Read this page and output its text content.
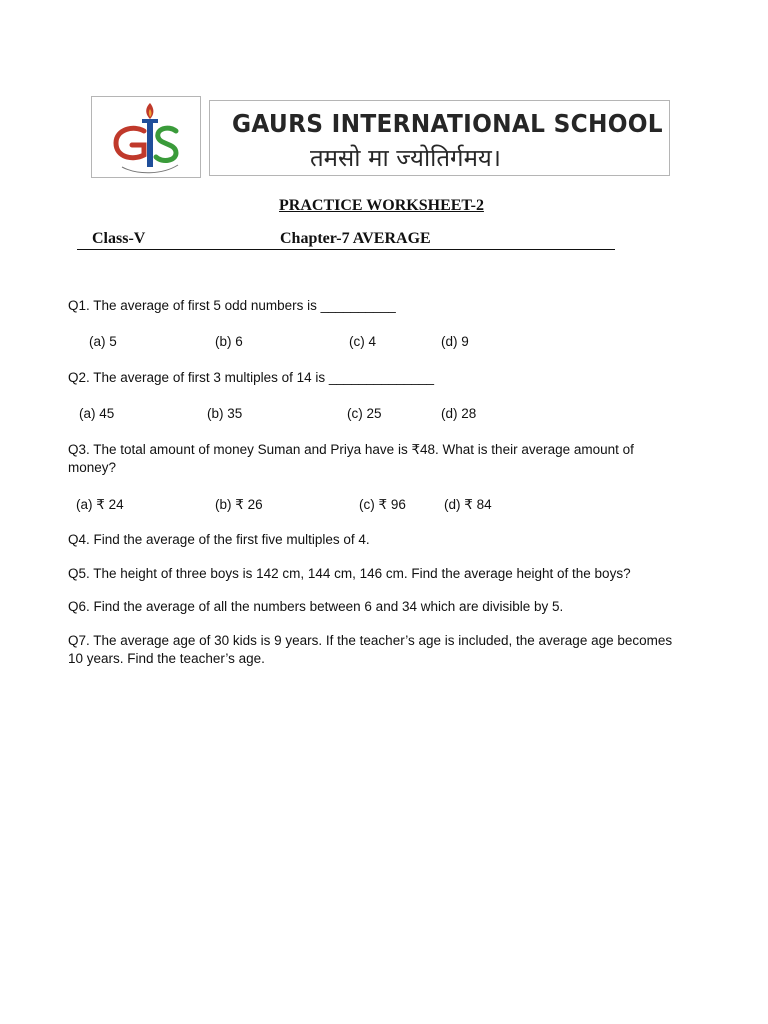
GAURS INTERNATIONAL SCHOOL
तमसो मा ज्योतिर्गमय।
PRACTICE WORKSHEET-2
Class-V	Chapter-7 AVERAGE
Q1. The average of first 5 odd numbers is __________
(a) 5	(b) 6	(c) 4	(d) 9
Q2. The average of first 3 multiples of 14 is ______________
(a) 45	(b) 35	(c) 25	(d) 28
Q3. The total amount of money Suman and Priya have is ₹48. What is their average amount of money?
(a) ₹ 24	(b) ₹ 26	(c) ₹ 96	(d) ₹ 84
Q4. Find the average of the first five multiples of 4.
Q5. The height of three boys is 142 cm, 144 cm, 146 cm. Find the average height of the boys?
Q6. Find the average of all the numbers between 6 and 34 which are divisible by 5.
Q7. The average age of 30 kids is 9 years. If the teacher’s age is included, the average age becomes 10 years. Find the teacher’s age.
